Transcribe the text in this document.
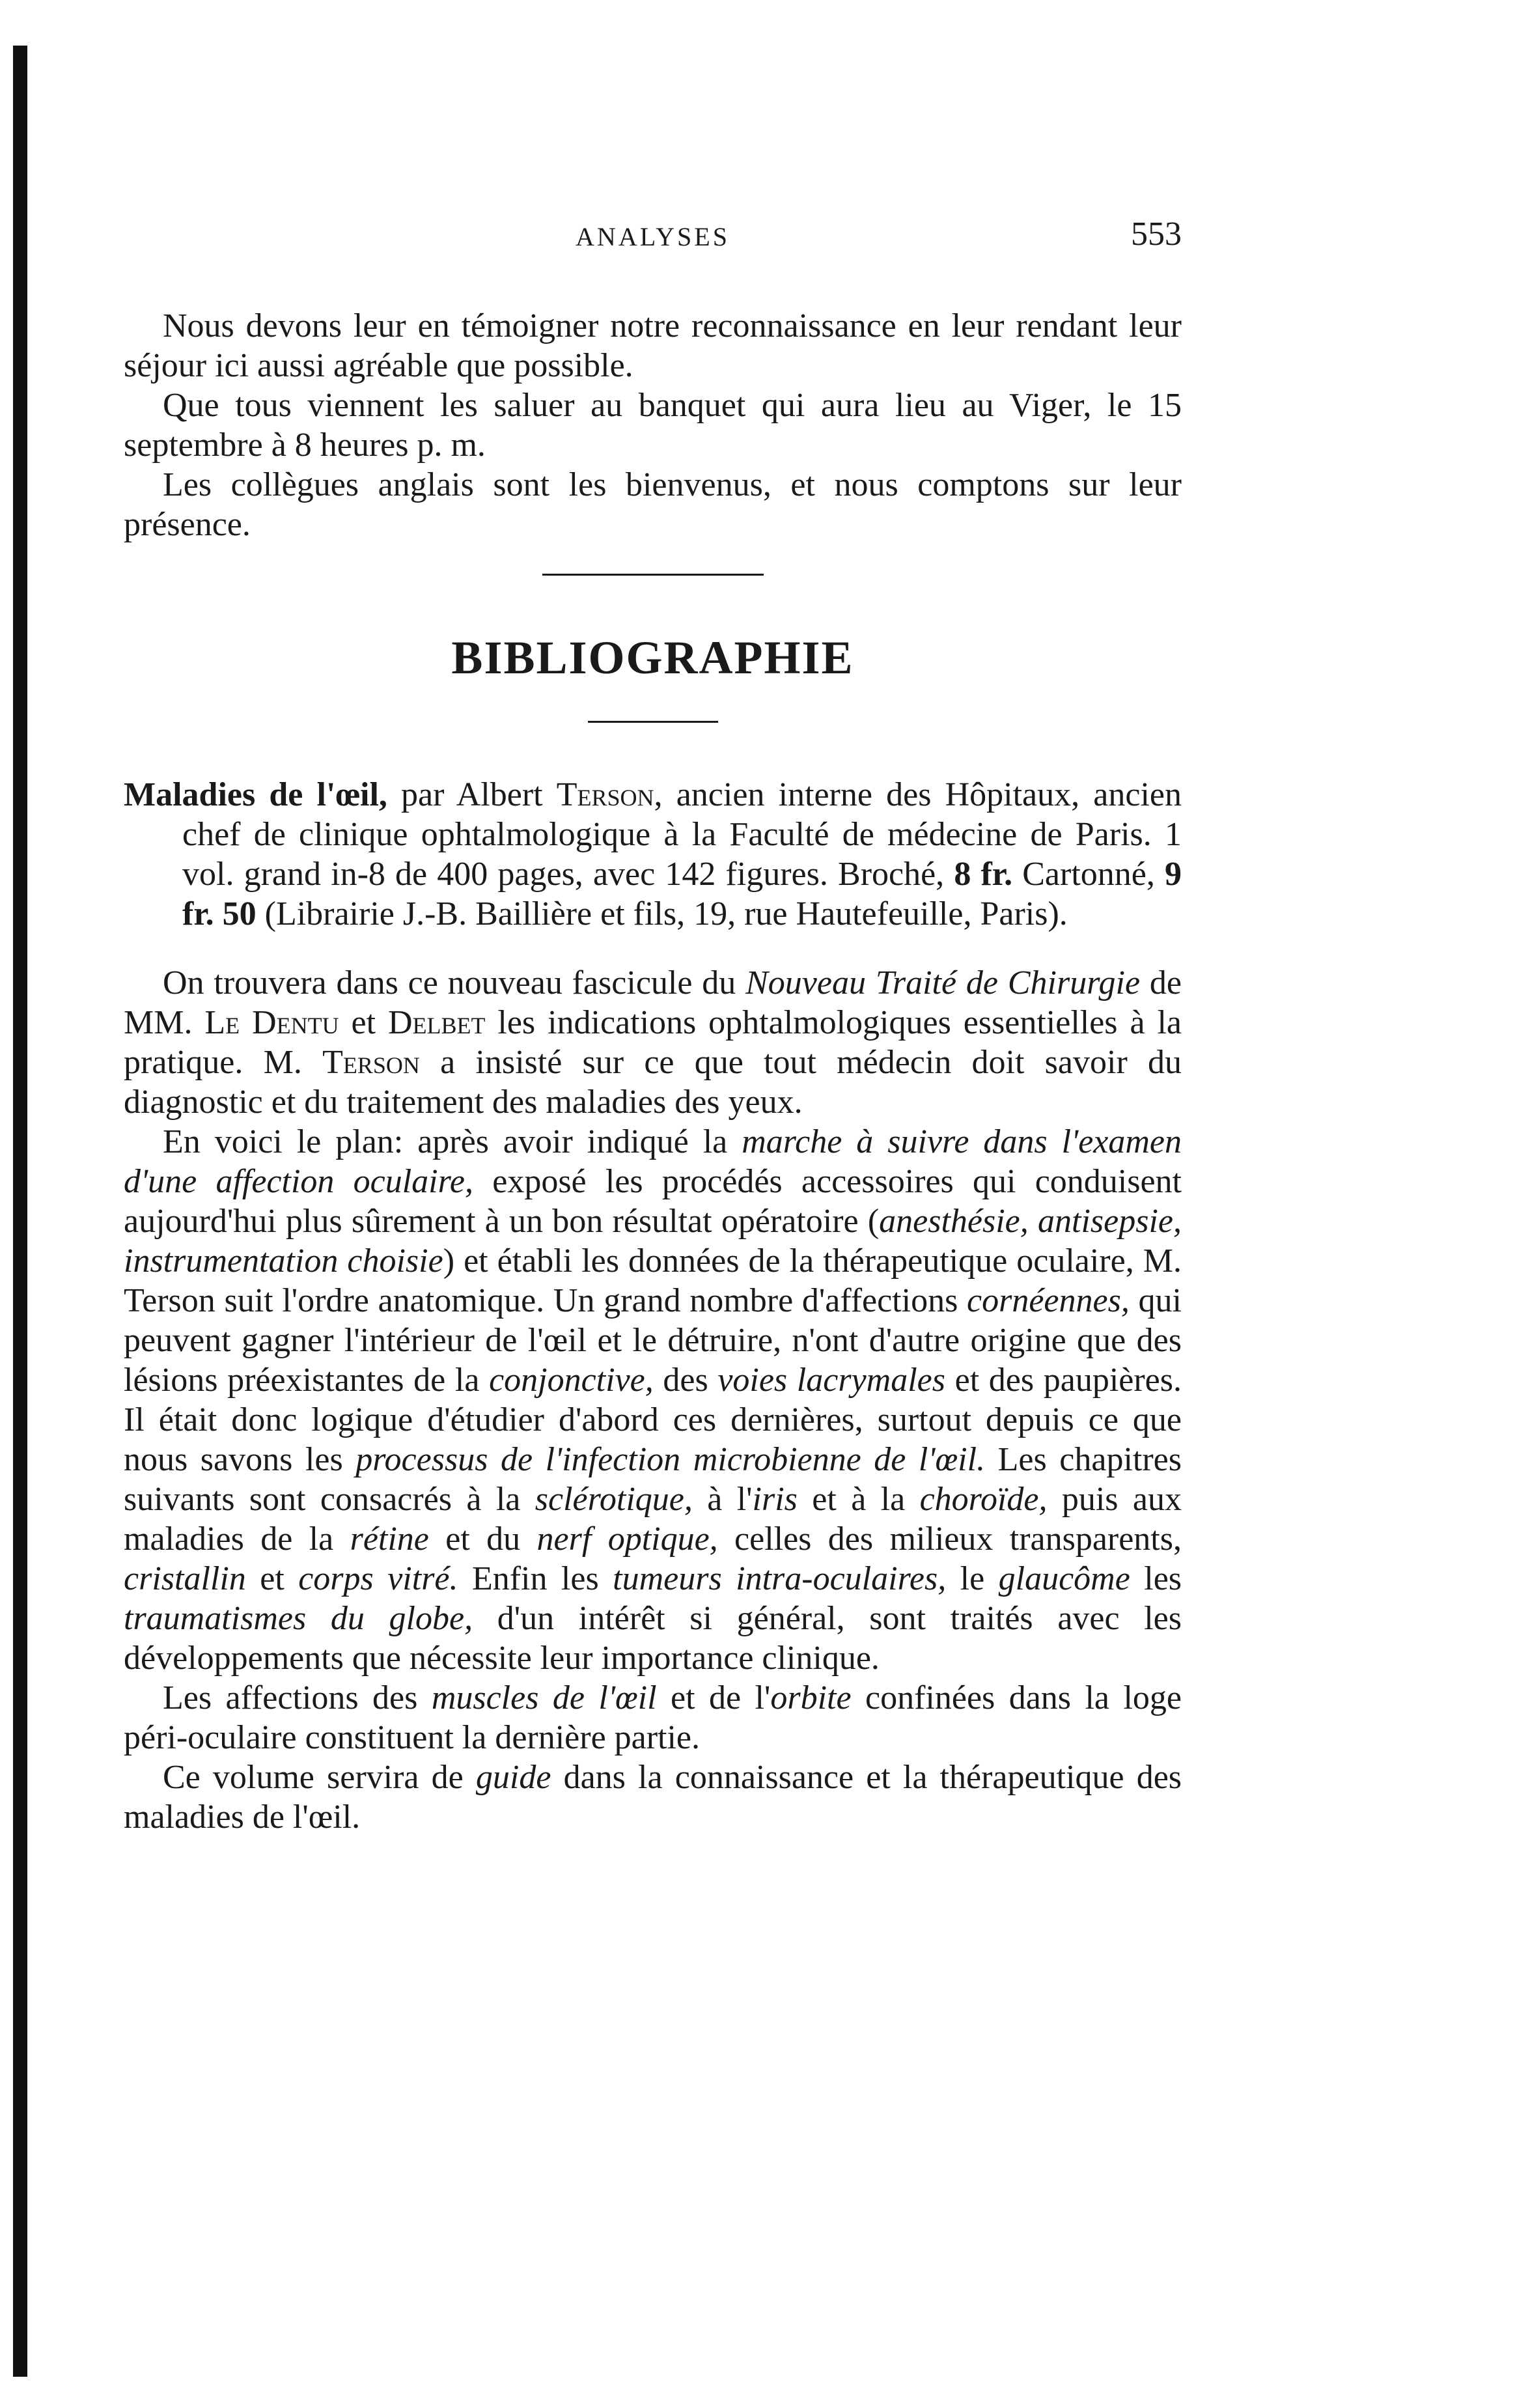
ANALYSES	553

Nous devons leur en témoigner notre reconnaissance en leur rendant leur séjour ici aussi agréable que possible.

Que tous viennent les saluer au banquet qui aura lieu au Viger, le 15 septembre à 8 heures p. m.

Les collègues anglais sont les bienvenus, et nous comptons sur leur présence.

BIBLIOGRAPHIE

Maladies de l'œil, par Albert Terson, ancien interne des Hôpitaux, ancien chef de clinique ophtalmologique à la Faculté de médecine de Paris. 1 vol. grand in-8 de 400 pages, avec 142 figures. Broché, 8 fr. Cartonné, 9 fr. 50 (Librairie J.-B. Baillière et fils, 19, rue Hautefeuille, Paris).

On trouvera dans ce nouveau fascicule du Nouveau Traité de Chirurgie de MM. Le Dentu et Delbet les indications ophtalmologiques essentielles à la pratique. M. Terson a insisté sur ce que tout médecin doit savoir du diagnostic et du traitement des maladies des yeux.

En voici le plan: après avoir indiqué la marche à suivre dans l'examen d'une affection oculaire, exposé les procédés accessoires qui conduisent aujourd'hui plus sûrement à un bon résultat opératoire (anesthésie, antisepsie, instrumentation choisie) et établi les données de la thérapeutique oculaire, M. Terson suit l'ordre anatomique. Un grand nombre d'affections cornéennes, qui peuvent gagner l'intérieur de l'œil et le détruire, n'ont d'autre origine que des lésions préexistantes de la conjonctive, des voies lacrymales et des paupières. Il était donc logique d'étudier d'abord ces dernières, surtout depuis ce que nous savons les processus de l'infection microbienne de l'œil. Les chapitres suivants sont consacrés à la sclérotique, à l'iris et à la choroïde, puis aux maladies de la rétine et du nerf optique, celles des milieux transparents, cristallin et corps vitré. Enfin les tumeurs intra-oculaires, le glaucôme les traumatismes du globe, d'un intérêt si général, sont traités avec les développements que nécessite leur importance clinique.

Les affections des muscles de l'œil et de l'orbite confinées dans la loge péri-oculaire constituent la dernière partie.

Ce volume servira de guide dans la connaissance et la thérapeutique des maladies de l'œil.
